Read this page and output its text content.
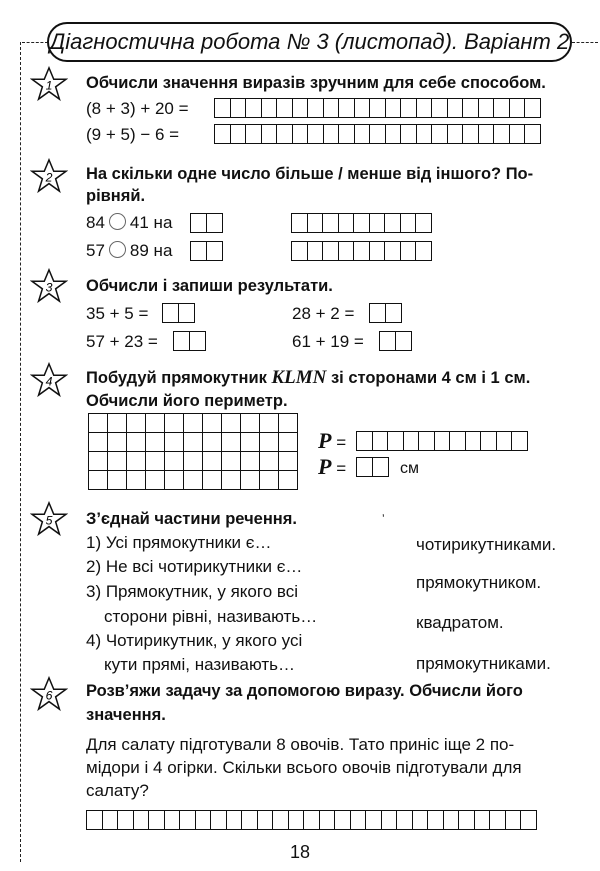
Діагностична робота № 3 (листопад). Варіант 2
1 Обчисли значення виразів зручним для себе способом.
(8 + 3) + 20 =
(9 + 5) − 6 =
2 На скільки одне число більше / менше від іншого? По-
рівняй.
84 41 на
57 89 на
3 Обчисли і запиши результати.
35 + 5 =	28 + 2 =
57 + 23 =	61 + 19 =
4 Побудуй прямокутник KLMN зі сторонами 4 см і 1 см.
Обчисли його периметр.
P =
P =	см
5 З’єднай частини речення.	ʼ
1) Усі прямокутники є…
2) Не всі чотирикутники є…
3) Прямокутник, у якого всі
сторони рівні, називають…
4) Чотирикутник, у якого усі
кути прямі, називають…
чотирикутниками.
прямокутником.
квадратом.
прямокутниками.
6 Розв’яжи задачу за допомогою виразу. Обчисли його
значення.
Для салату підготували 8 овочів. Тато приніс іще 2 по-
мідори і 4 огірки. Скільки всього овочів підготували для
салату?
18
